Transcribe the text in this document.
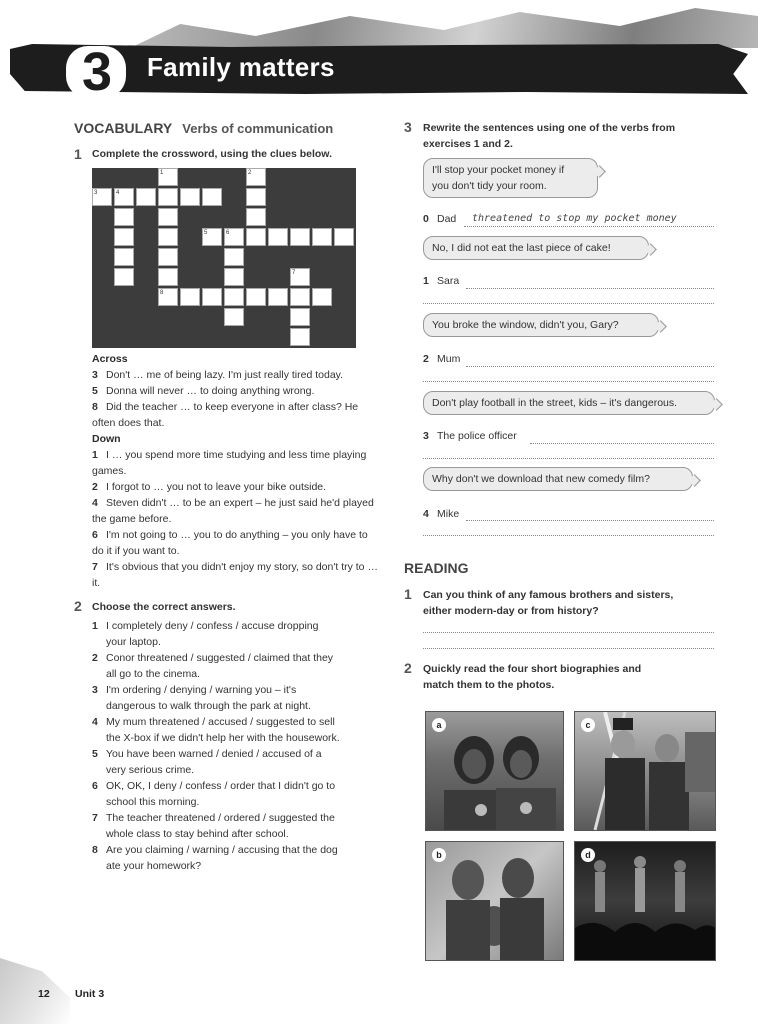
3	Family matters
VOCABULARY Verbs of communication
1 Complete the crossword, using the clues below.
1	2
3	4
5	6
7
8
Across
3 Don't … me of being lazy. I'm just really tired today.
5 Donna will never … to doing anything wrong.
8 Did the teacher … to keep everyone in after class? He often does that.
Down
1 I … you spend more time studying and less time playing games.
2 I forgot to … you not to leave your bike outside.
4 Steven didn't … to be an expert – he just said he'd played the game before.
6 I'm not going to … you to do anything – you only have to do it if you want to.
7 It's obvious that you didn't enjoy my story, so don't try to … it.
2 Choose the correct answers.
1 I completely deny / confess / accuse dropping
your laptop.
2 Conor threatened / suggested / claimed that they
all go to the cinema.
3 I'm ordering / denying / warning you – it's
dangerous to walk through the park at night.
4 My mum threatened / accused / suggested to sell
the X-box if we didn't help her with the housework.
5 You have been warned / denied / accused of a
very serious crime.
6 OK, OK, I deny / confess / order that I didn't go to
school this morning.
7 The teacher threatened / ordered / suggested the
whole class to stay behind after school.
8 Are you claiming / warning / accusing that the dog
ate your homework?
3 Rewrite the sentences using one of the verbs from
exercises 1 and 2.
I'll stop your pocket money if
you don't tidy your room.
0 Dad threatened to stop my pocket money
No, I did not eat the last piece of cake!
1 Sara
You broke the window, didn't you, Gary?
2 Mum
Don't play football in the street, kids – it's dangerous.
3 The police officer
Why don't we download that new comedy film?
4 Mike
READING
1 Can you think of any famous brothers and sisters,
either modern-day or from history?
2 Quickly read the four short biographies and
match them to the photos.
a	c
b	d
12 Unit 3
